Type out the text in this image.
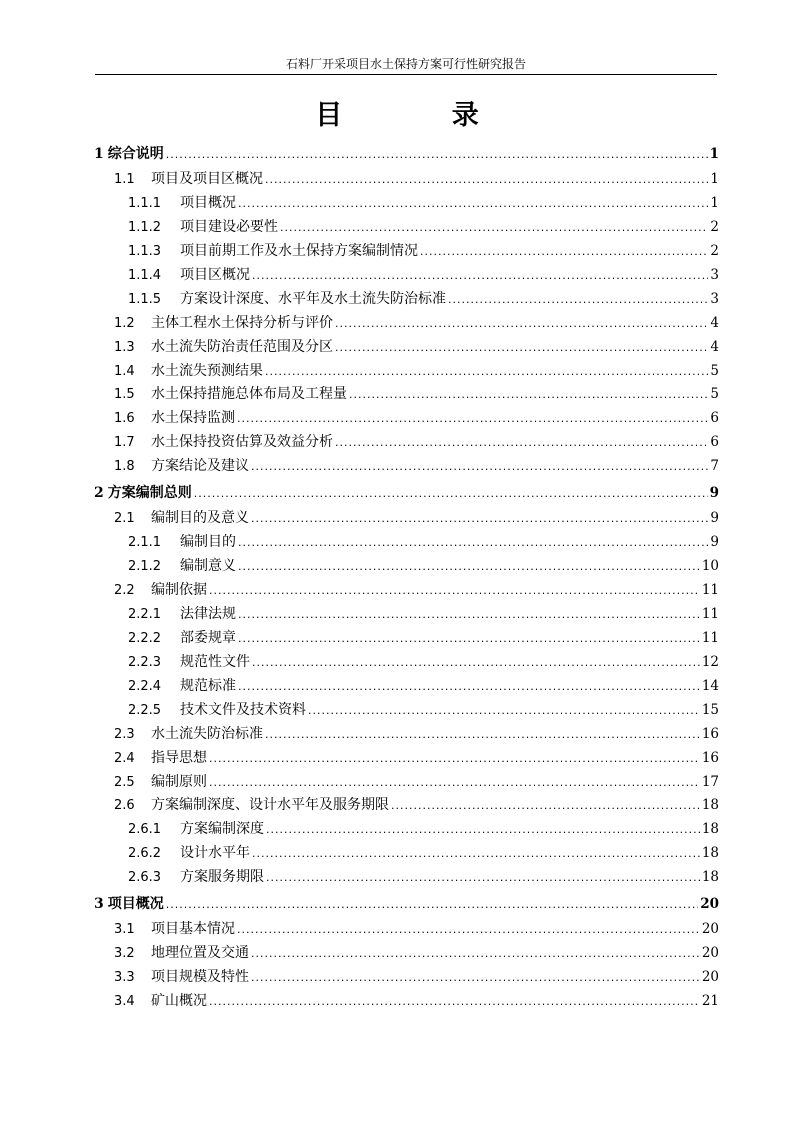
石料厂开采项目水土保持方案可行性研究报告
目 录
1 综合说明 .....	1
1.1	项目及项目区概况 .....	1
1.1.1	项目概况 .....	1
1.1.2	项目建设必要性 .....	2
1.1.3	项目前期工作及水土保持方案编制情况 .....	2
1.1.4	项目区概况 .....	3
1.1.5	方案设计深度、水平年及水土流失防治标准 .....	3
1.2	主体工程水土保持分析与评价 .....	4
1.3	水土流失防治责任范围及分区 .....	4
1.4	水土流失预测结果 .....	5
1.5	水土保持措施总体布局及工程量 .....	5
1.6	水土保持监测 .....	6
1.7	水土保持投资估算及效益分析 .....	6
1.8	方案结论及建议 .....	7
2 方案编制总则 .....	9
2.1	编制目的及意义 .....	9
2.1.1	编制目的 .....	9
2.1.2	编制意义 .....	10
2.2	编制依据 .....	11
2.2.1	法律法规 .....	11
2.2.2	部委规章 .....	11
2.2.3	规范性文件 .....	12
2.2.4	规范标准 .....	14
2.2.5	技术文件及技术资料 .....	15
2.3	水土流失防治标准 .....	16
2.4	指导思想 .....	16
2.5	编制原则 .....	17
2.6	方案编制深度、设计水平年及服务期限 .....	18
2.6.1	方案编制深度 .....	18
2.6.2	设计水平年 .....	18
2.6.3	方案服务期限 .....	18
3 项目概况 .....	20
3.1	项目基本情况 .....	20
3.2	地理位置及交通 .....	20
3.3	项目规模及特性 .....	20
3.4	矿山概况 .....	21
